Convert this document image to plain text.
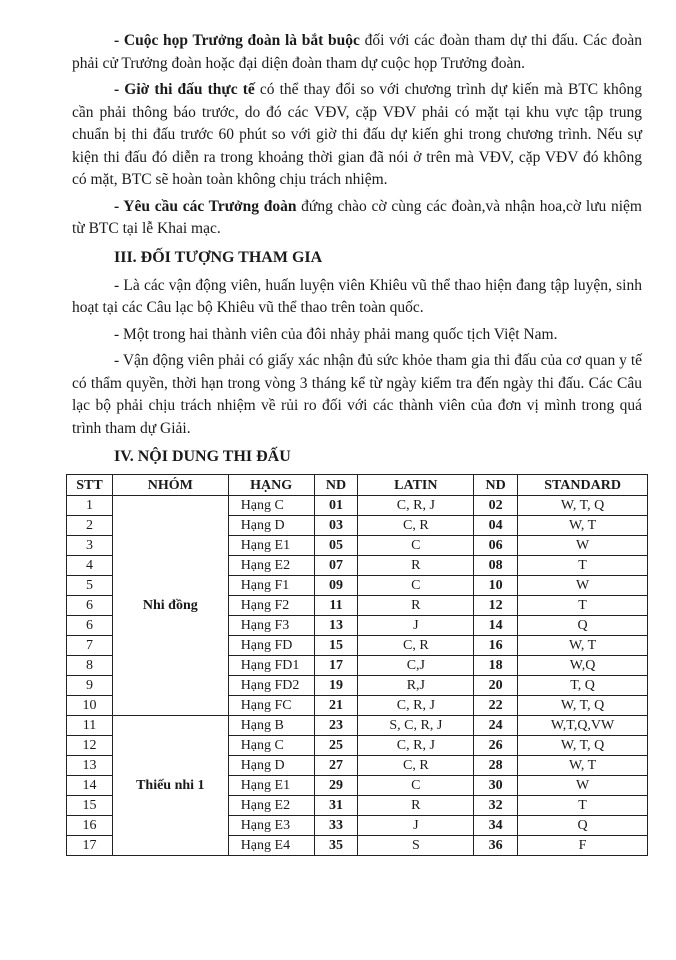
- Cuộc họp Trưởng đoàn là bắt buộc đối với các đoàn tham dự thi đấu. Các đoàn phải cử Trưởng đoàn hoặc đại diện đoàn tham dự cuộc họp Trưởng đoàn.

- Giờ thi đấu thực tế có thể thay đổi so với chương trình dự kiến mà BTC không cần phải thông báo trước, do đó các VĐV, cặp VĐV phải có mặt tại khu vực tập trung chuẩn bị thi đấu trước 60 phút so với giờ thi đấu dự kiến ghi trong chương trình. Nếu sự kiện thi đấu đó diễn ra trong khoảng thời gian đã nói ở trên mà VĐV, cặp VĐV đó không có mặt, BTC sẽ hoàn toàn không chịu trách nhiệm.

- Yêu cầu các Trưởng đoàn đứng chào cờ cùng các đoàn,và nhận hoa,cờ lưu niệm từ BTC tại lễ Khai mạc.

III. ĐỐI TƯỢNG THAM GIA

- Là các vận động viên, huấn luyện viên Khiêu vũ thể thao hiện đang tập luyện, sinh hoạt tại các Câu lạc bộ Khiêu vũ thể thao trên toàn quốc.

- Một trong hai thành viên của đôi nhảy phải mang quốc tịch Việt Nam.

- Vận động viên phải có giấy xác nhận đủ sức khỏe tham gia thi đấu của cơ quan y tế có thẩm quyền, thời hạn trong vòng 3 tháng kể từ ngày kiểm tra đến ngày thi đấu. Các Câu lạc bộ phải chịu trách nhiệm về rủi ro đối với các thành viên của đơn vị mình trong quá trình tham dự Giải.

IV. NỘI DUNG THI ĐẤU
STT	NHÓM	HẠNG	ND	LATIN	ND	STANDARD
1	Nhi đồng	Hạng C	01	C, R, J	02	W, T, Q
2		Hạng D	03	C, R	04	W, T
3		Hạng E1	05	C	06	W
4		Hạng E2	07	R	08	T
5		Hạng F1	09	C	10	W
6		Hạng F2	11	R	12	T
6		Hạng F3	13	J	14	Q
7		Hạng FD	15	C, R	16	W, T
8		Hạng FD1	17	C,J	18	W,Q
9		Hạng FD2	19	R,J	20	T, Q
10		Hạng FC	21	C, R, J	22	W, T, Q
11	Thiếu nhi 1	Hạng B	23	S, C, R, J	24	W,T,Q,VW
12		Hạng C	25	C, R, J	26	W, T, Q
13		Hạng D	27	C, R	28	W, T
14		Hạng E1	29	C	30	W
15		Hạng E2	31	R	32	T
16		Hạng E3	33	J	34	Q
17		Hạng E4	35	S	36	F
